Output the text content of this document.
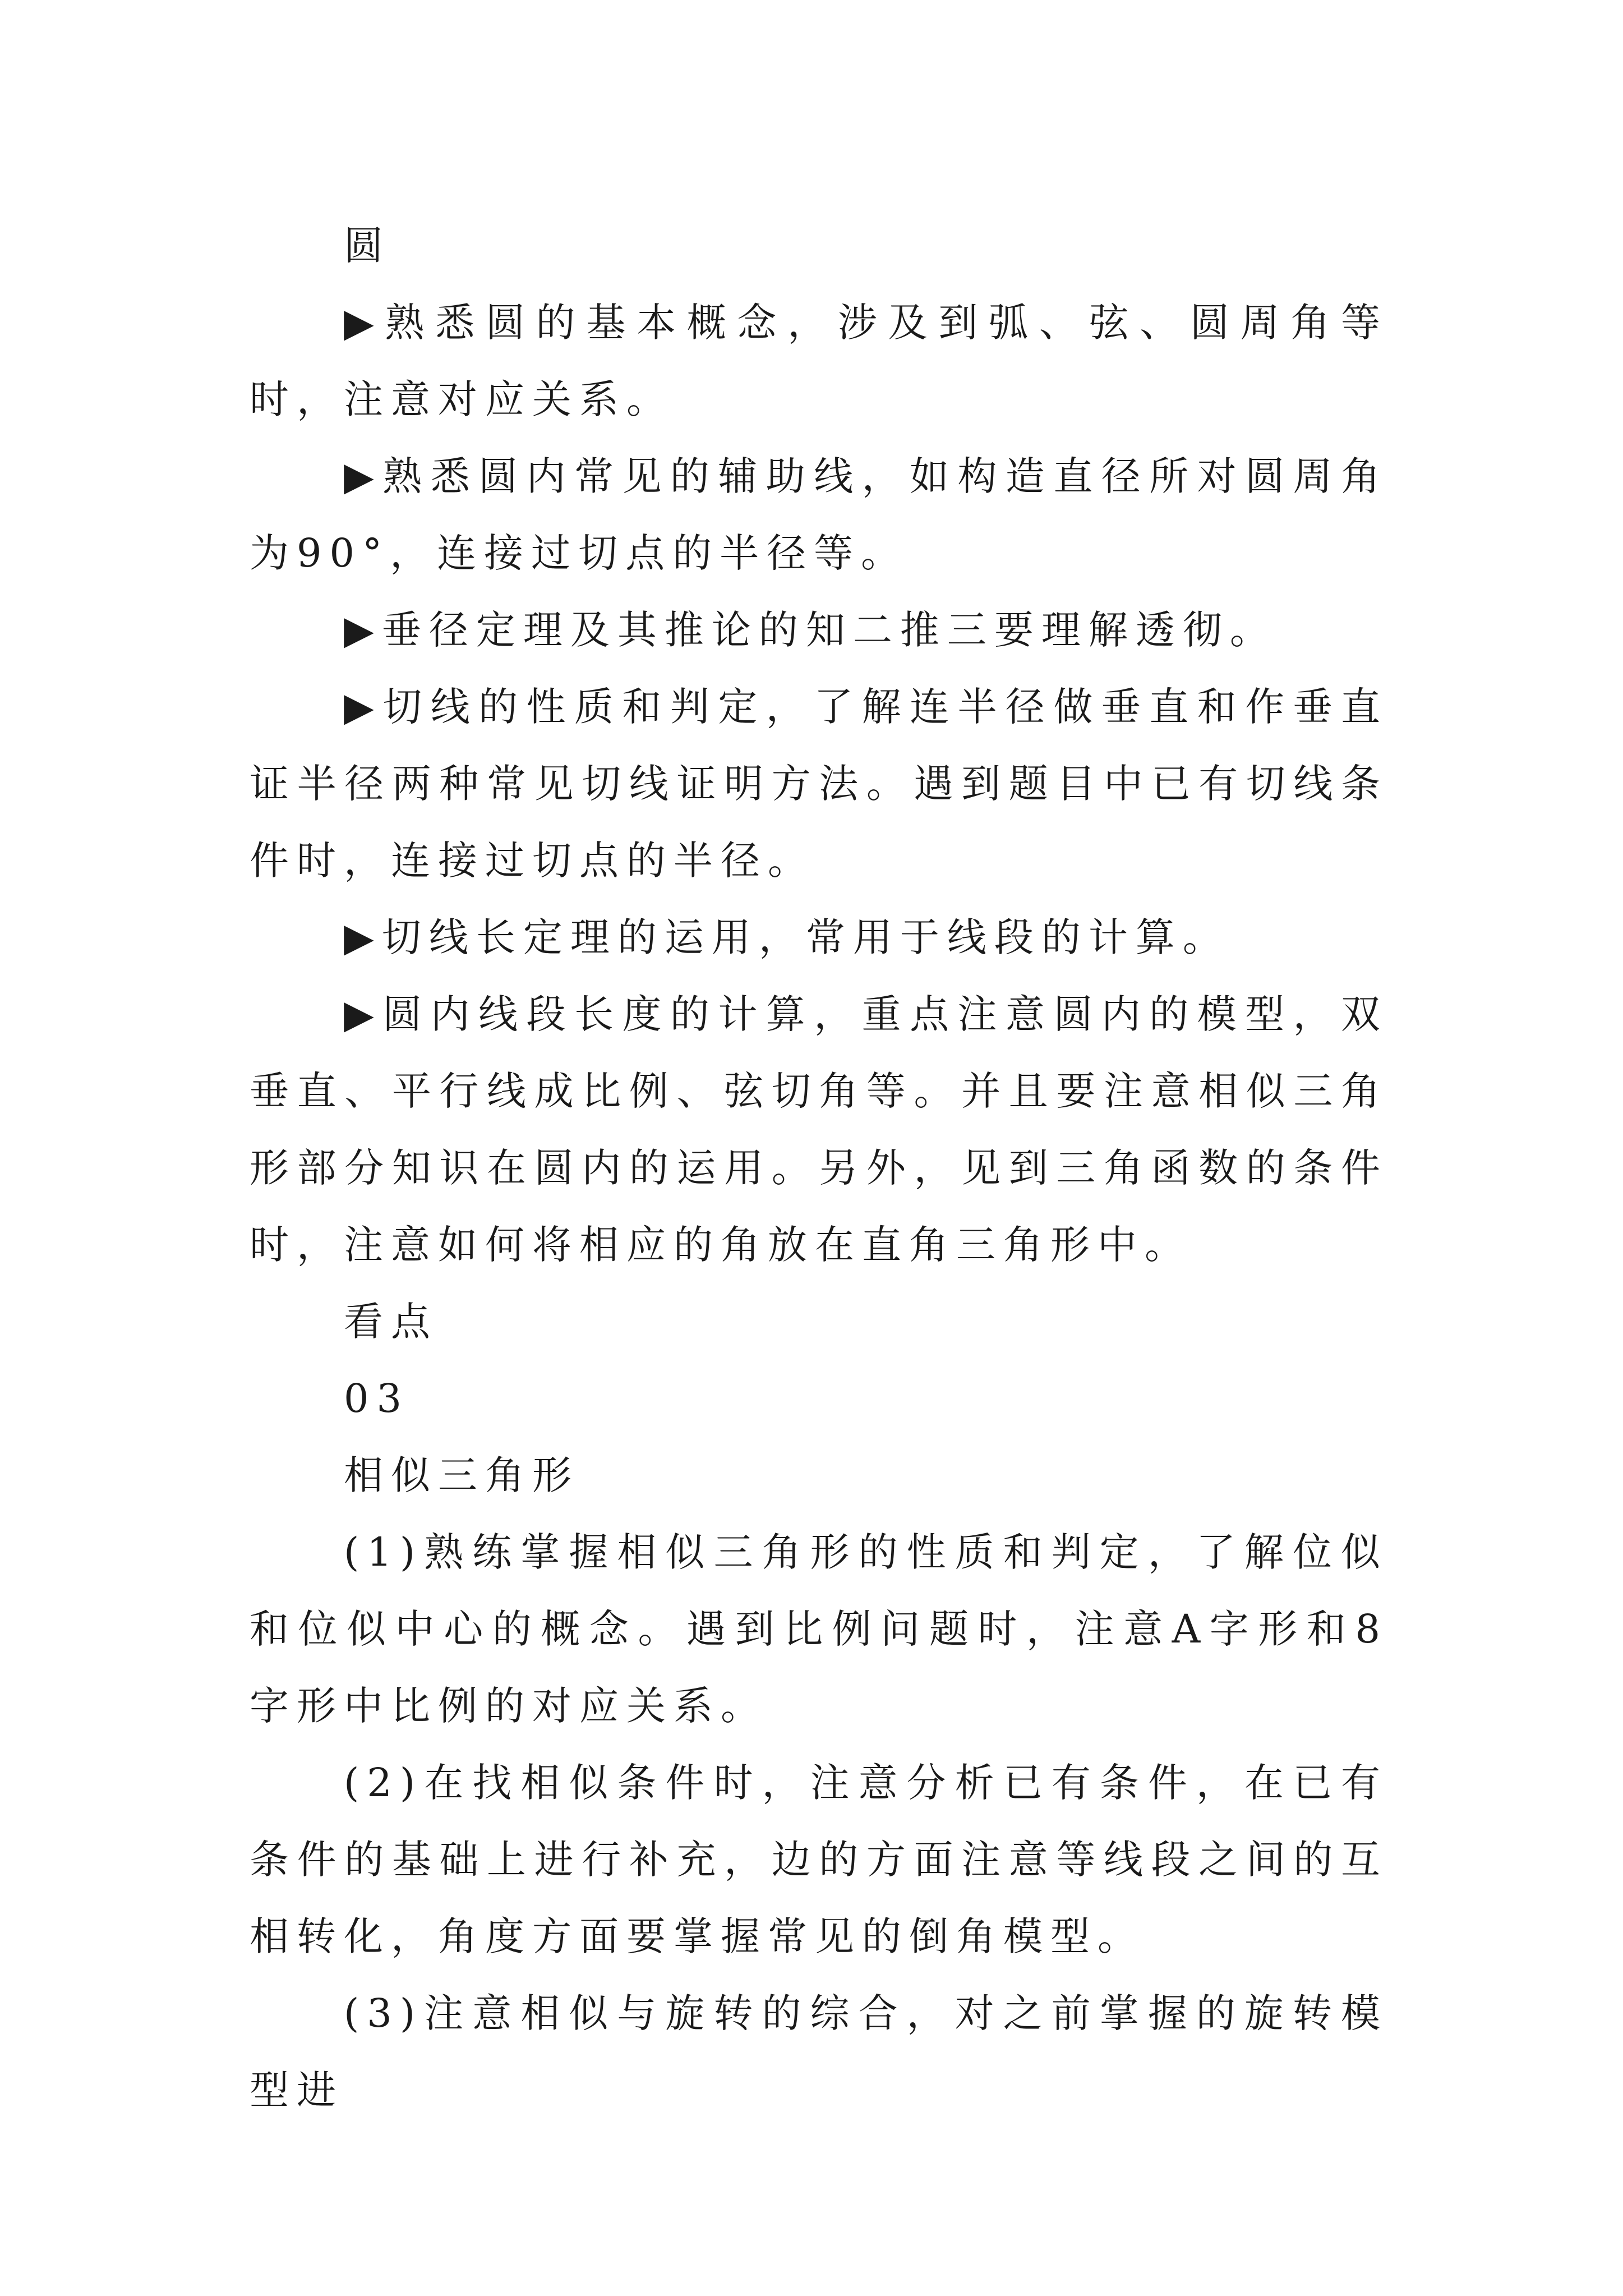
圆

▶熟悉圆的基本概念，涉及到弧、弦、圆周角等时，注意对应关系。

▶熟悉圆内常见的辅助线，如构造直径所对圆周角为90°，连接过切点的半径等。

▶垂径定理及其推论的知二推三要理解透彻。

▶切线的性质和判定，了解连半径做垂直和作垂直证半径两种常见切线证明方法。遇到题目中已有切线条件时，连接过切点的半径。

▶切线长定理的运用，常用于线段的计算。

▶圆内线段长度的计算，重点注意圆内的模型，双垂直、平行线成比例、弦切角等。并且要注意相似三角形部分知识在圆内的运用。另外，见到三角函数的条件时，注意如何将相应的角放在直角三角形中。

看点

03

相似三角形

(1)熟练掌握相似三角形的性质和判定，了解位似和位似中心的概念。遇到比例问题时，注意A字形和8字形中比例的对应关系。

(2)在找相似条件时，注意分析已有条件，在已有条件的基础上进行补充，边的方面注意等线段之间的互相转化，角度方面要掌握常见的倒角模型。

(3)注意相似与旋转的综合，对之前掌握的旋转模型进
